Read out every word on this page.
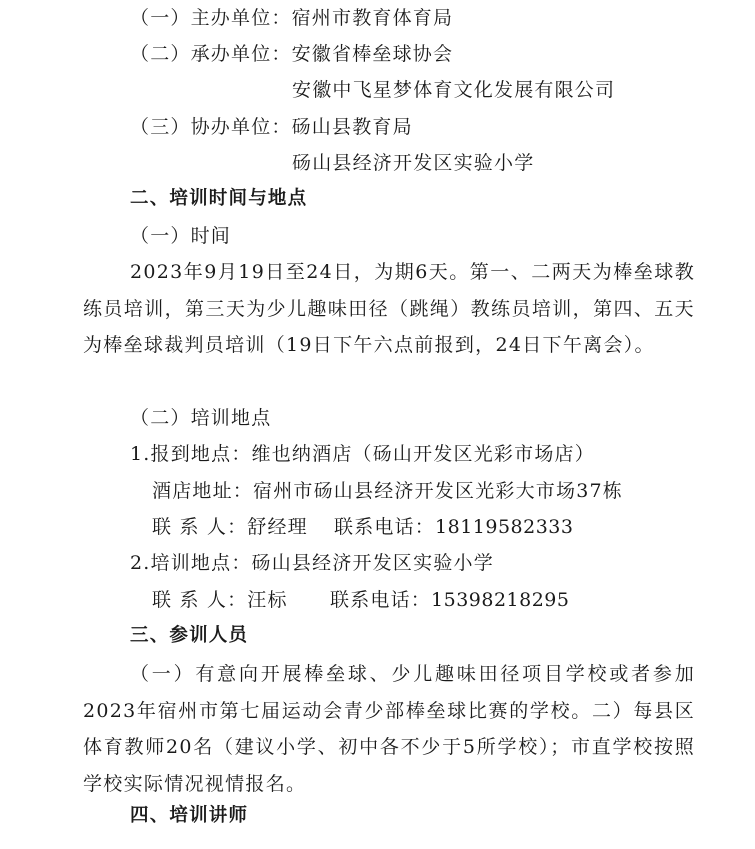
（一）主办单位：宿州市教育体育局
（二）承办单位：安徽省棒垒球协会
安徽中飞星梦体育文化发展有限公司
（三）协办单位：砀山县教育局
砀山县经济开发区实验小学
二、培训时间与地点
（一）时间
2023年9月19日至24日，为期6天。第一、二两天为棒垒球教练员培训，第三天为少儿趣味田径（跳绳）教练员培训，第四、五天为棒垒球裁判员培训（19日下午六点前报到，24日下午离会）。
（二）培训地点
1.报到地点：维也纳酒店（砀山开发区光彩市场店）
酒店地址：宿州市砀山县经济开发区光彩大市场37栋
联 系 人：舒经理 联系电话：18119582333
2.培训地点：砀山县经济开发区实验小学
联 系 人：汪标 联系电话：15398218295
三、参训人员
（一）有意向开展棒垒球、少儿趣味田径项目学校或者参加2023年宿州市第七届运动会青少部棒垒球比赛的学校。二）每县区体育教师20名（建议小学、初中各不少于5所学校）；市直学校按照学校实际情况视情报名。
四、培训讲师
